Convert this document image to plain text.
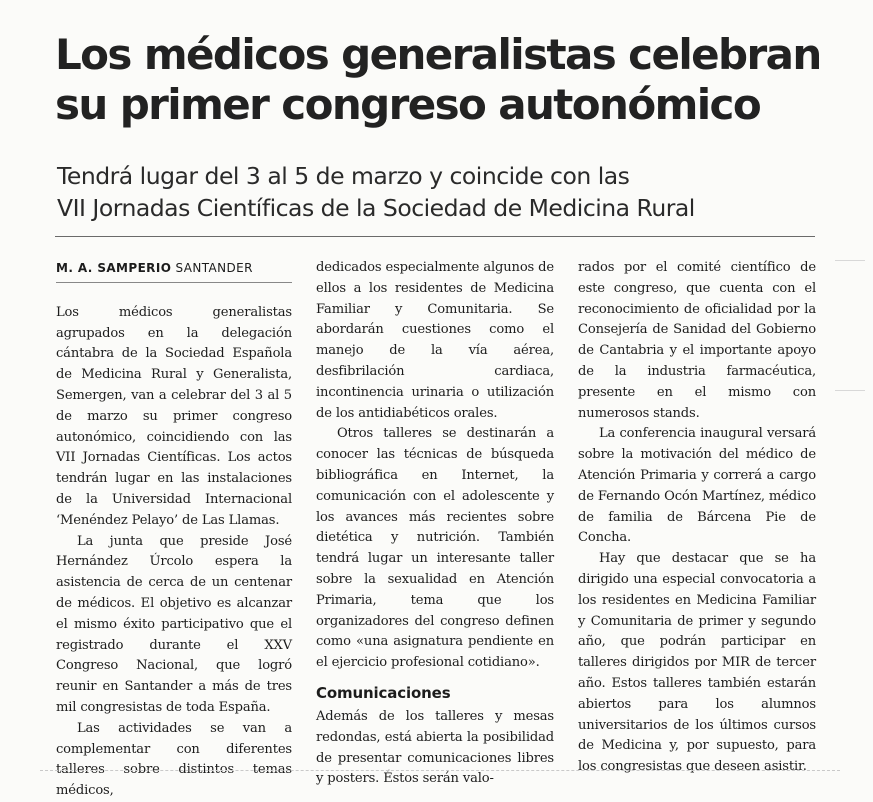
Los médicos generalistas celebran
su primer congreso autonómico
Tendrá lugar del 3 al 5 de marzo y coincide con las
VII Jornadas Científicas de la Sociedad de Medicina Rural
M. A. SAMPERIO SANTANDER

Los médicos generalistas agrupados en la delegación cántabra de la Sociedad Española de Medicina Rural y Generalista, Semergen, van a celebrar del 3 al 5 de marzo su primer congreso autonómico, coincidiendo con las VII Jornadas Científicas. Los actos tendrán lugar en las instalaciones de la Universidad Internacional ‘Menéndez Pelayo’ de Las Llamas.

La junta que preside José Hernández Úrcolo espera la asistencia de cerca de un centenar de médicos. El objetivo es alcanzar el mismo éxito participativo que el registrado durante el XXV Congreso Nacional, que logró reunir en Santander a más de tres mil congresistas de toda España.

Las actividades se van a complementar con diferentes talleres sobre distintos temas médicos,

dedicados especialmente algunos de ellos a los residentes de Medicina Familiar y Comunitaria. Se abordarán cuestiones como el manejo de la vía aérea, desfibrilación cardiaca, incontinencia urinaria o utilización de los antidiabéticos orales.

Otros talleres se destinarán a conocer las técnicas de búsqueda bibliográfica en Internet, la comunicación con el adolescente y los avances más recientes sobre dietética y nutrición. También tendrá lugar un interesante taller sobre la sexualidad en Atención Primaria, tema que los organizadores del congreso definen como «una asignatura pendiente en el ejercicio profesional cotidiano».

Comunicaciones

Además de los talleres y mesas redondas, está abierta la posibilidad de presentar comunicaciones libres y posters. Éstos serán valo-

rados por el comité científico de este congreso, que cuenta con el reconocimiento de oficialidad por la Consejería de Sanidad del Gobierno de Cantabria y el importante apoyo de la industria farmacéutica, presente en el mismo con numerosos stands.

La conferencia inaugural versará sobre la motivación del médico de Atención Primaria y correrá a cargo de Fernando Ocón Martínez, médico de familia de Bárcena Pie de Concha.

Hay que destacar que se ha dirigido una especial convocatoria a los residentes en Medicina Familiar y Comunitaria de primer y segundo año, que podrán participar en talleres dirigidos por MIR de tercer año. Estos talleres también estarán abiertos para los alumnos universitarios de los últimos cursos de Medicina y, por supuesto, para los congresistas que deseen asistir.
